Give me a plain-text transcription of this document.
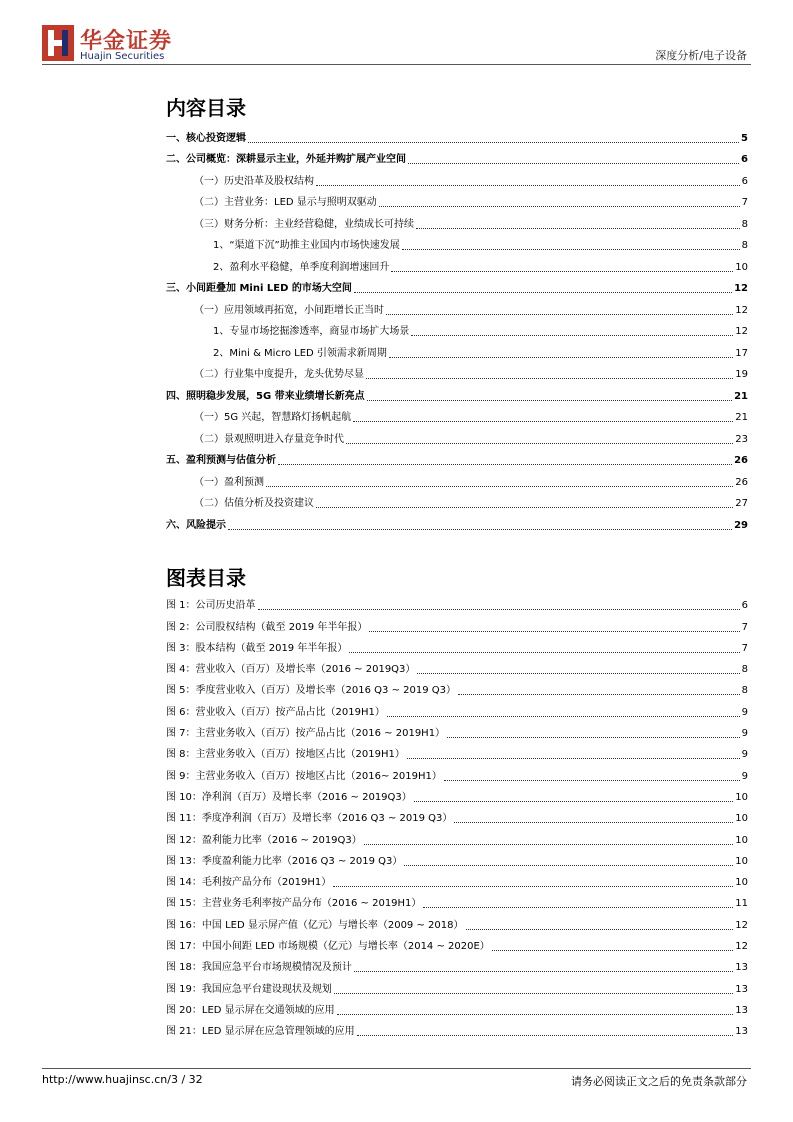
华金证券
Huajin Securities	深度分析/电子设备
内容目录
一、核心投资逻辑	5
二、公司概览：深耕显示主业，外延并购扩展产业空间	6
（一）历史沿革及股权结构	6
（二）主营业务：LED 显示与照明双驱动	7
（三）财务分析：主业经营稳健，业绩成长可持续	8
1、“渠道下沉”助推主业国内市场快速发展	8
2、盈利水平稳健，单季度利润增速回升	10
三、小间距叠加 Mini LED 的市场大空间	12
（一）应用领域再拓宽，小间距增长正当时	12
1、专显市场挖掘渗透率，商显市场扩大场景	12
2、Mini & Micro LED 引领需求新周期	17
（二）行业集中度提升，龙头优势尽显	19
四、照明稳步发展，5G 带来业绩增长新亮点	21
（一）5G 兴起，智慧路灯扬帆起航	21
（二）景观照明进入存量竞争时代	23
五、盈利预测与估值分析	26
（一）盈利预测	26
（二）估值分析及投资建议	27
六、风险提示	29
图表目录
图 1：公司历史沿革	6
图 2：公司股权结构（截至 2019 年半年报）	7
图 3：股本结构（截至 2019 年半年报）	7
图 4：营业收入（百万）及增长率（2016 ~ 2019Q3）	8
图 5：季度营业收入（百万）及增长率（2016 Q3 ~ 2019 Q3）	8
图 6：营业收入（百万）按产品占比（2019H1）	9
图 7：主营业务收入（百万）按产品占比（2016 ~ 2019H1）	9
图 8：主营业务收入（百万）按地区占比（2019H1）	9
图 9：主营业务收入（百万）按地区占比（2016~ 2019H1）	9
图 10：净利润（百万）及增长率（2016 ~ 2019Q3）	10
图 11：季度净利润（百万）及增长率（2016 Q3 ~ 2019 Q3）	10
图 12：盈利能力比率（2016 ~ 2019Q3）	10
图 13：季度盈利能力比率（2016 Q3 ~ 2019 Q3）	10
图 14：毛利按产品分布（2019H1）	10
图 15：主营业务毛利率按产品分布（2016 ~ 2019H1）	11
图 16：中国 LED 显示屏产值（亿元）与增长率（2009 ~ 2018）	12
图 17：中国小间距 LED 市场规模（亿元）与增长率（2014 ~ 2020E）	12
图 18：我国应急平台市场规模情况及预计	13
图 19：我国应急平台建设现状及规划	13
图 20：LED 显示屏在交通领域的应用	13
图 21：LED 显示屏在应急管理领域的应用	13
http://www.huajinsc.cn/3 / 32	请务必阅读正文之后的免责条款部分
